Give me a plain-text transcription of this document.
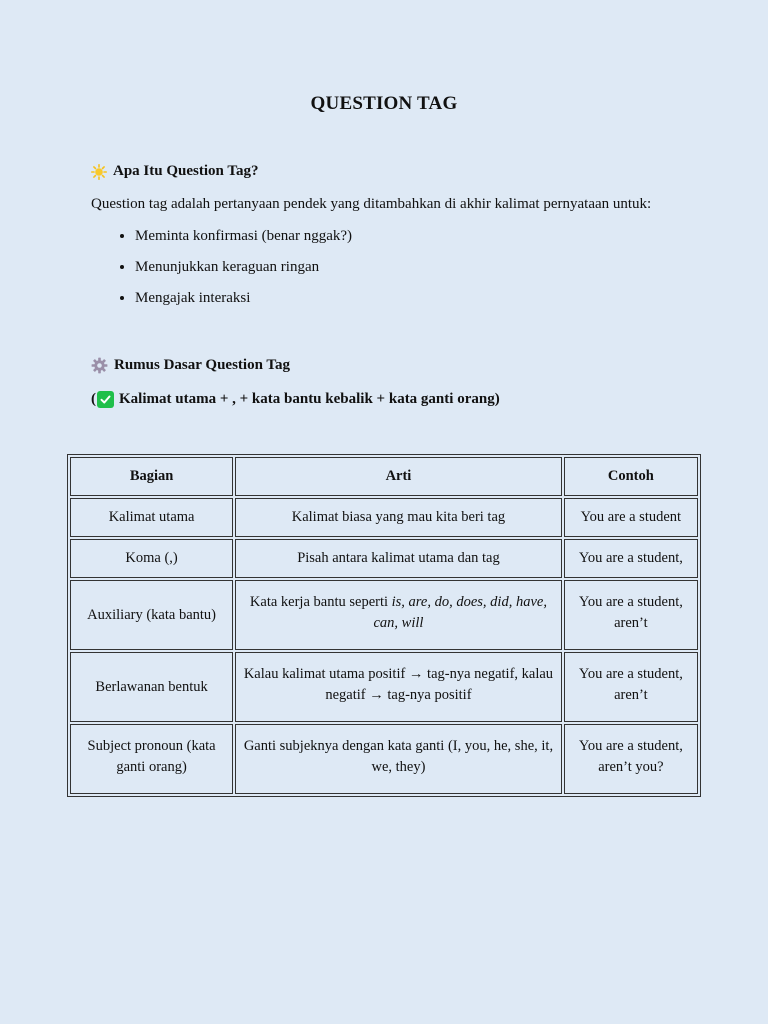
QUESTION TAG
Apa Itu Question Tag?
Question tag adalah pertanyaan pendek yang ditambahkan di akhir kalimat pernyataan untuk:
• Meminta konfirmasi (benar nggak?)
• Menunjukkan keraguan ringan
• Mengajak interaksi
Rumus Dasar Question Tag
( Kalimat utama + , + kata bantu kebalik + kata ganti orang)
Bagian	Arti	Contoh
Kalimat utama	Kalimat biasa yang mau kita beri tag	You are a student
Koma (,)	Pisah antara kalimat utama dan tag	You are a student,
Auxiliary (kata bantu)	Kata kerja bantu seperti is, are, do, does, did, have, can, will	You are a student, aren’t
Berlawanan bentuk	Kalau kalimat utama positif → tag-nya negatif, kalau negatif → tag-nya positif	You are a student, aren’t
Subject pronoun (kata ganti orang)	Ganti subjeknya dengan kata ganti (I, you, he, she, it, we, they)	You are a student, aren’t you?
